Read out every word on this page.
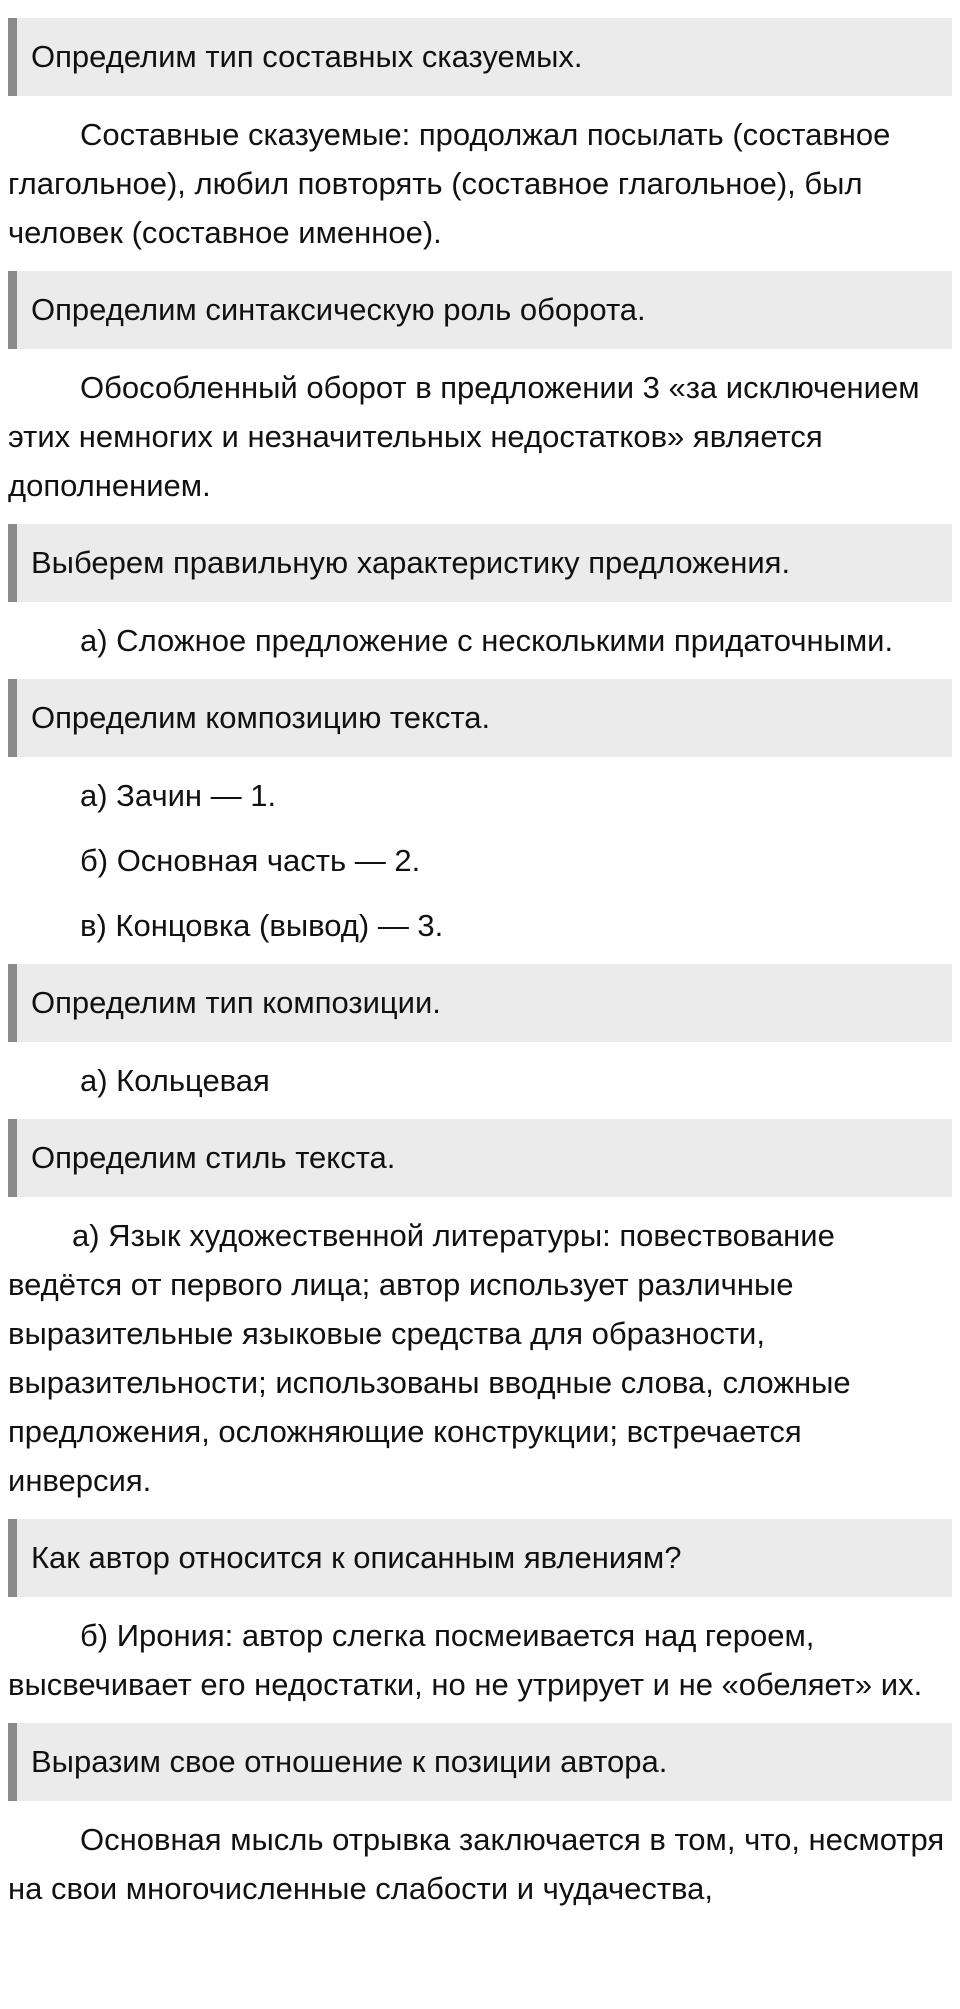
Определим тип составных сказуемых.

Составные сказуемые: продолжал посылать (составное глагольное), любил повторять (составное глагольное), был человек (составное именное).

Определим синтаксическую роль оборота.

Обособленный оборот в предложении 3 «за исключением этих немногих и незначительных недостатков» является дополнением.

Выберем правильную характеристику предложения.

а) Сложное предложение с несколькими придаточными.

Определим композицию текста.
а) Зачин — 1.
б) Основная часть — 2.
в) Концовка (вывод) — 3.
Определим тип композиции.
а) Кольцевая
Определим стиль текста.

а) Язык художественной литературы: повествование ведётся от первого лица; автор использует различные выразительные языковые средства для образности, выразительности; использованы вводные слова, сложные предложения, осложняющие конструкции; встречается инверсия.

Как автор относится к описанным явлениям?

б) Ирония: автор слегка посмеивается над героем, высвечивает его недостатки, но не утрирует и не «обеляет» их.

Выразим свое отношение к позиции автора.

Основная мысль отрывка заключается в том, что, несмотря на свои многочисленные слабости и чудачества,
